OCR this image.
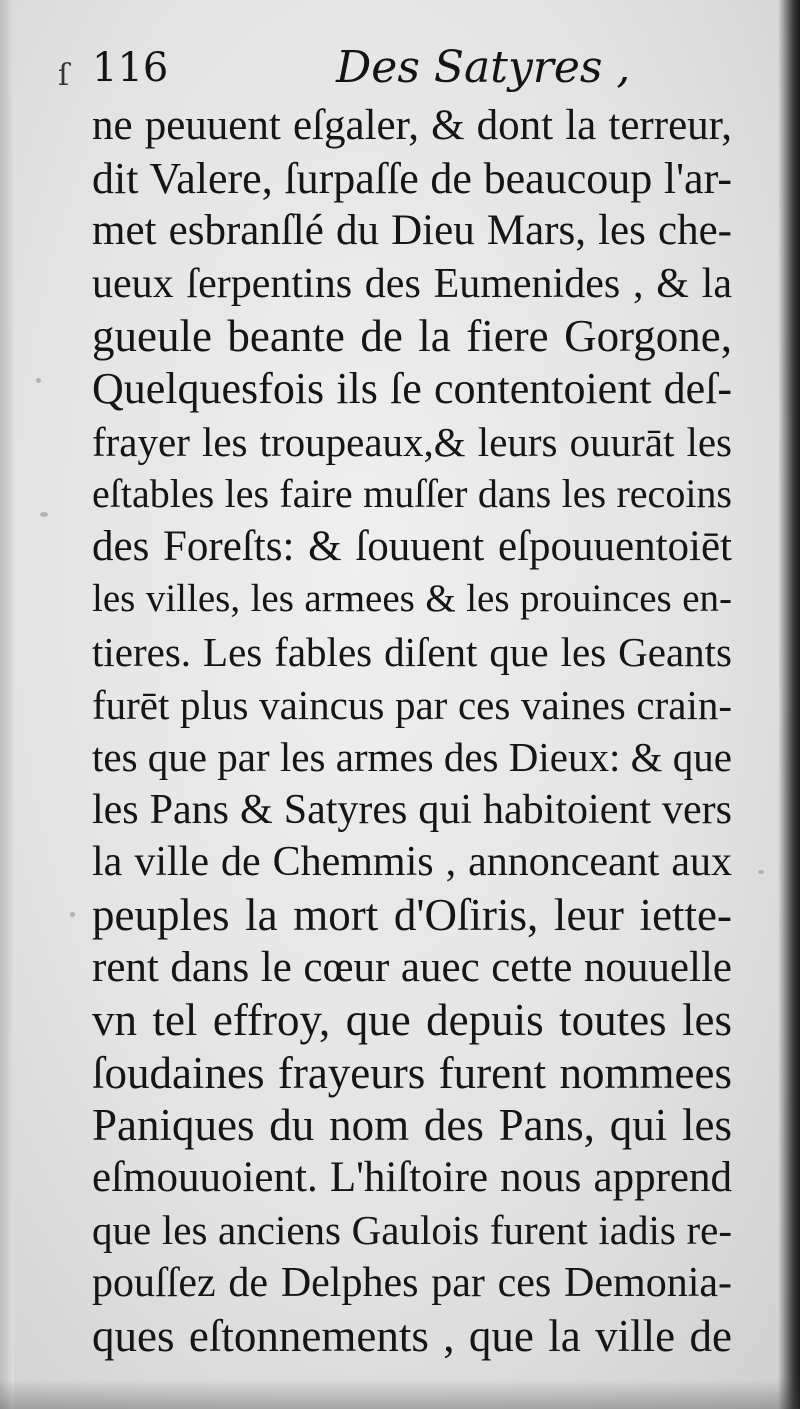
ſ 116	Des Satyres ,
ne peuuent eſgaler, & dont la terreur,
dit Valere, ſurpaſſe de beaucoup l'ar-
met esbranſlé du Dieu Mars, les che-
ueux ſerpentins des Eumenides , & la
gueule beante de la fiere Gorgone,
Quelquesfois ils ſe contentoient deſ-
frayer les troupeaux,& leurs ouurāt les
eſtables les faire muſſer dans les recoins
des Foreſts: & ſouuent eſpouuentoiēt
les villes, les armees & les prouinces en-
tieres. Les fables diſent que les Geants
furēt plus vaincus par ces vaines crain-
tes que par les armes des Dieux: & que
les Pans & Satyres qui habitoient vers
la ville de Chemmis , annonceant aux
peuples la mort d'Oſiris, leur iette-
rent dans le cœur auec cette nouuelle
vn tel effroy, que depuis toutes les
ſoudaines frayeurs furent nommees
Paniques du nom des Pans, qui les
eſmouuoient. L'hiſtoire nous apprend
que les anciens Gaulois furent iadis re-
pouſſez de Delphes par ces Demonia-
ques eſtonnements , que la ville de
